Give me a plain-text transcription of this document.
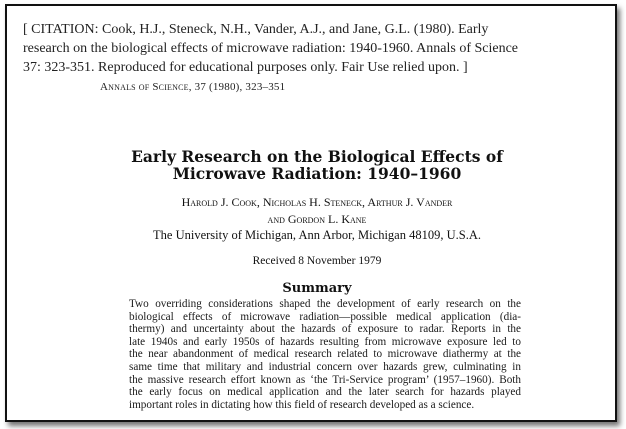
[ CITATION: Cook, H.J., Steneck, N.H., Vander, A.J., and Jane, G.L. (1980). Early
research on the biological effects of microwave radiation: 1940-1960. Annals of Science
37: 323-351. Reproduced for educational purposes only. Fair Use relied upon. ]
Annals of Science, 37 (1980), 323–351
Early Research on the Biological Effects of
Microwave Radiation: 1940–1960
Harold J. Cook, Nicholas H. Steneck, Arthur J. Vander
and Gordon L. Kane
The University of Michigan, Ann Arbor, Michigan 48109, U.S.A.
Received 8 November 1979
Summary
Two overriding considerations shaped the development of early research on the
biological effects of microwave radiation—possible medical application (dia-
thermy) and uncertainty about the hazards of exposure to radar. Reports in the
late 1940s and early 1950s of hazards resulting from microwave exposure led to
the near abandonment of medical research related to microwave diathermy at the
same time that military and industrial concern over hazards grew, culminating in
the massive research effort known as ‘the Tri-Service program’ (1957–1960). Both
the early focus on medical application and the later search for hazards played
important roles in dictating how this field of research developed as a science.
